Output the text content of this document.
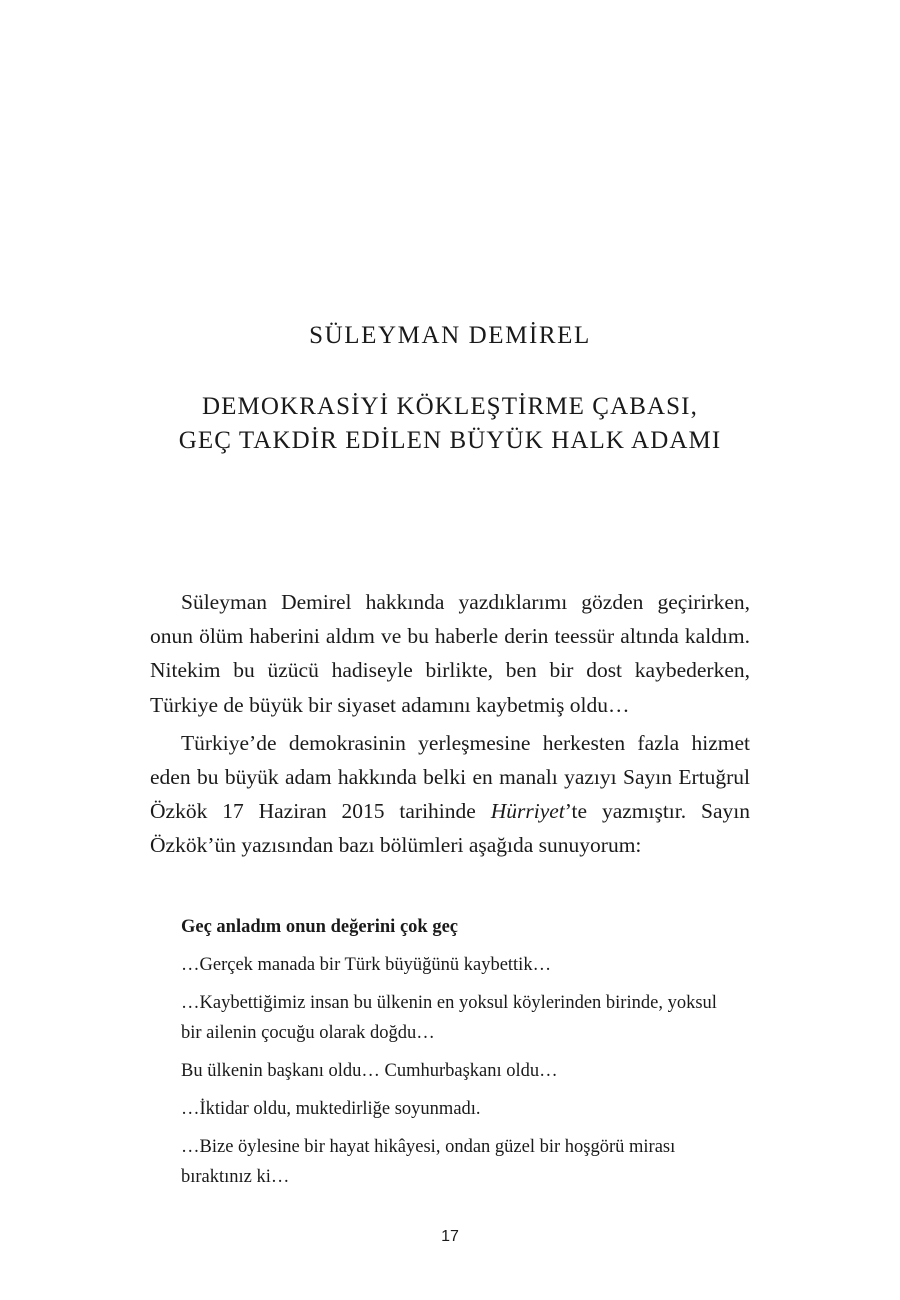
SÜLEYMAN DEMİREL
DEMOKRASİYİ KÖKLEŞTİRME ÇABASI,
GEÇ TAKDİR EDİLEN BÜYÜK HALK ADAMI

Süleyman Demirel hakkında yazdıklarımı gözden geçirirken, onun ölüm haberini aldım ve bu haberle derin teessür altında kaldım. Nitekim bu üzücü hadiseyle birlikte, ben bir dost kaybederken, Türkiye de büyük bir siyaset adamını kaybetmiş oldu…

Türkiye’de demokrasinin yerleşmesine herkesten fazla hizmet eden bu büyük adam hakkında belki en manalı yazıyı Sayın Ertuğrul Özkök 17 Haziran 2015 tarihinde Hürriyet’te yazmıştır. Sayın Özkök’ün yazısından bazı bölümleri aşağıda sunuyorum:

Geç anladım onun değerini çok geç

…Gerçek manada bir Türk büyüğünü kaybettik…

…Kaybettiğimiz insan bu ülkenin en yoksul köylerinden birinde, yoksul bir ailenin çocuğu olarak doğdu…

Bu ülkenin başkanı oldu… Cumhurbaşkanı oldu…

…İktidar oldu, muktedirliğe soyunmadı.

…Bize öylesine bir hayat hikâyesi, ondan güzel bir hoşgörü mirası bıraktınız ki…

17
